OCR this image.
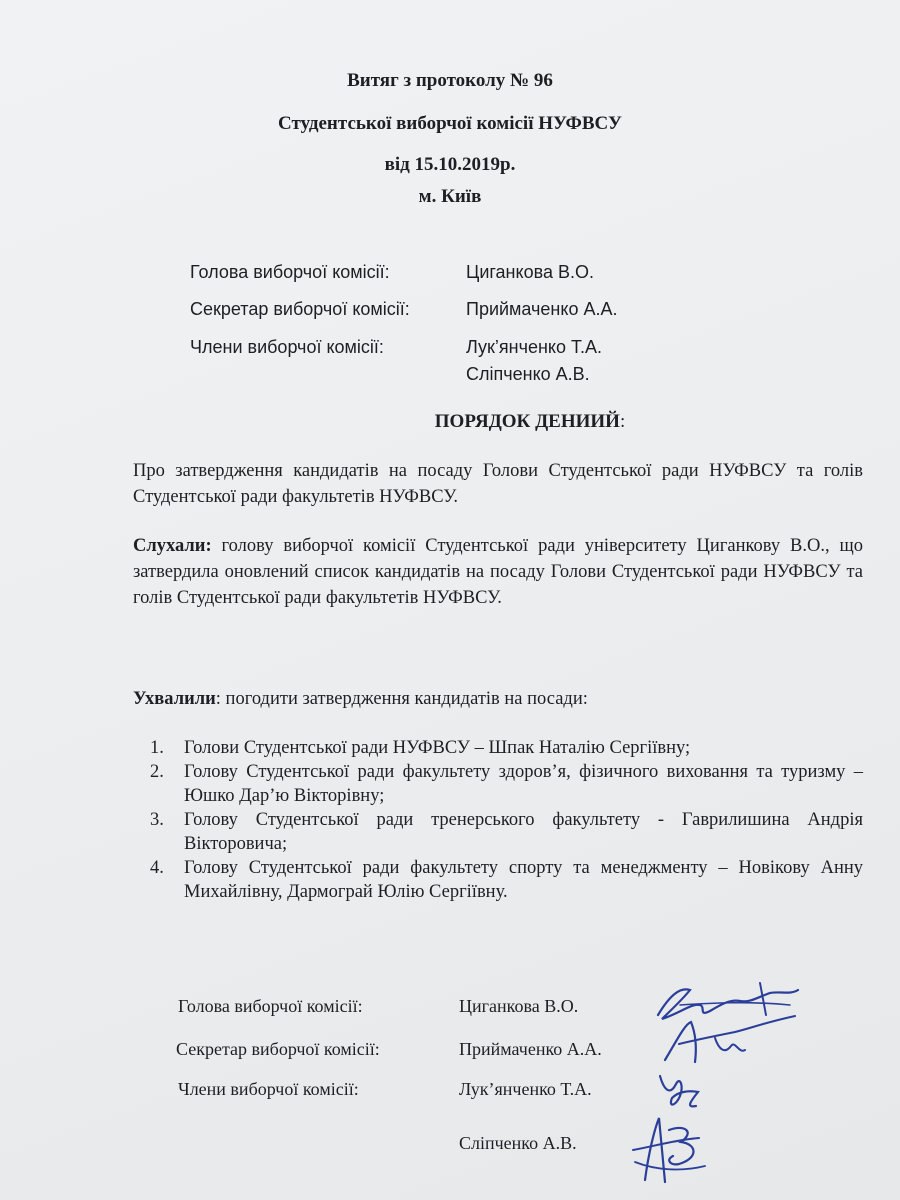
Витяг з протоколу № 96
Студентської виборчої комісії НУФВСУ
від 15.10.2019р.
м. Київ
Голова виборчої комісії:	Циганкова В.О.
Секретар виборчої комісії:	Приймаченко А.А.
Члени виборчої комісії:	Лук’янченко Т.А.
Сліпченко А.В.
ПОРЯДОК ДЕНИИЙ:
Про затвердження кандидатів на посаду Голови Студентської ради НУФВСУ та голів Студентської ради факультетів НУФВСУ.
Слухали: голову виборчої комісії Студентської ради університету Циганкову В.О., що затвердила оновлений список кандидатів на посаду Голови Студентської ради НУФВСУ та голів Студентської ради факультетів НУФВСУ.
Ухвалили: погодити затвердження кандидатів на посади:
1.	Голови Студентської ради НУФВСУ – Шпак Наталію Сергіївну;
2.	Голову Студентської ради факультету здоров’я, фізичного виховання та туризму – Юшко Дар’ю Вікторівну;
3.	Голову Студентської ради тренерського факультету - Гаврилишина Андрія Вікторовича;
4.	Голову Студентської ради факультету спорту та менеджменту – Новікову Анну Михайлівну, Дармограй Юлію Сергіївну.
Голова виборчої комісії:	Циганкова В.О.
Секретар виборчої комісії:	Приймаченко А.А.
Члени виборчої комісії:	Лук’янченко Т.А.
Сліпченко А.В.
